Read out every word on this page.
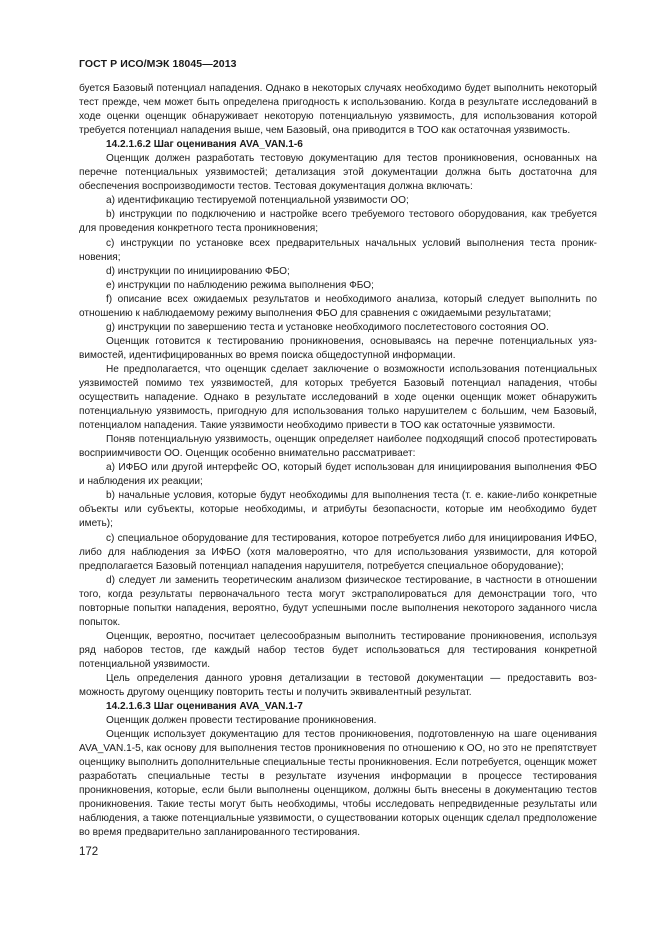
ГОСТ Р ИСО/МЭК 18045—2013

буется Базовый потенциал нападения. Однако в некоторых случаях необходимо будет выполнить некоторый тест прежде, чем может быть определена пригодность к использованию. Когда в результате исследований в ходе оценки оценщик обнаруживает некоторую потенциальную уязвимость, для использования которой требуется потенциал нападения выше, чем Базовый, она приводится в ТОО как остаточная уязвимость.

14.2.1.6.2 Шаг оценивания AVA_VAN.1-6

Оценщик должен разработать тестовую документацию для тестов проникновения, основанных на перечне потенциальных уязвимостей; детализация этой документации должна быть достаточна для обеспечения воспроизводимости тестов. Тестовая документация должна включать:

a) идентификацию тестируемой потенциальной уязвимости ОО;

b) инструкции по подключению и настройке всего требуемого тестового оборудования, как требуется для проведения конкретного теста проникновения;

c) инструкции по установке всех предварительных начальных условий выполнения теста проникновения;

d) инструкции по инициированию ФБО;

e) инструкции по наблюдению режима выполнения ФБО;

f) описание всех ожидаемых результатов и необходимого анализа, который следует выполнить по отношению к наблюдаемому режиму выполнения ФБО для сравнения с ожидаемыми результатами;

g) инструкции по завершению теста и установке необходимого послетестового состояния ОО.

Оценщик готовится к тестированию проникновения, основываясь на перечне потенциальных уязвимостей, идентифицированных во время поиска общедоступной информации.

Не предполагается, что оценщик сделает заключение о возможности использования потенциальных уязвимостей помимо тех уязвимостей, для которых требуется Базовый потенциал нападения, чтобы осуществить нападение. Однако в результате исследований в ходе оценки оценщик может обнаружить потенциальную уязвимость, пригодную для использования только нарушителем с большим, чем Базовый, потенциалом нападения. Такие уязвимости необходимо привести в ТОО как остаточные уязвимости.

Поняв потенциальную уязвимость, оценщик определяет наиболее подходящий способ протестировать восприимчивости ОО. Оценщик особенно внимательно рассматривает:

a) ИФБО или другой интерфейс ОО, который будет использован для инициирования выполнения ФБО и наблюдения их реакции;

b) начальные условия, которые будут необходимы для выполнения теста (т. е. какие-либо конкретные объекты или субъекты, которые необходимы, и атрибуты безопасности, которые им необходимо будет иметь);

c) специальное оборудование для тестирования, которое потребуется либо для инициирования ИФБО, либо для наблюдения за ИФБО (хотя маловероятно, что для использования уязвимости, для которой предполагается Базовый потенциал нападения нарушителя, потребуется специальное оборудование);

d) следует ли заменить теоретическим анализом физическое тестирование, в частности в отношении того, когда результаты первоначального теста могут экстраполироваться для демонстрации того, что повторные попытки нападения, вероятно, будут успешными после выполнения некоторого заданного числа попыток.

Оценщик, вероятно, посчитает целесообразным выполнить тестирование проникновения, используя ряд наборов тестов, где каждый набор тестов будет использоваться для тестирования конкретной потенциальной уязвимости.

Цель определения данного уровня детализации в тестовой документации — предоставить возможность другому оценщику повторить тесты и получить эквивалентный результат.

14.2.1.6.3 Шаг оценивания AVA_VAN.1-7

Оценщик должен провести тестирование проникновения.

Оценщик использует документацию для тестов проникновения, подготовленную на шаге оценивания AVA_VAN.1-5, как основу для выполнения тестов проникновения по отношению к ОО, но это не препятствует оценщику выполнить дополнительные специальные тесты проникновения. Если потребуется, оценщик может разработать специальные тесты в результате изучения информации в процессе тестирования проникновения, которые, если были выполнены оценщиком, должны быть внесены в документацию тестов проникновения. Такие тесты могут быть необходимы, чтобы исследовать непредвиденные результаты или наблюдения, а также потенциальные уязвимости, о существовании которых оценщик сделал предположение во время предварительно запланированного тестирования.

172
